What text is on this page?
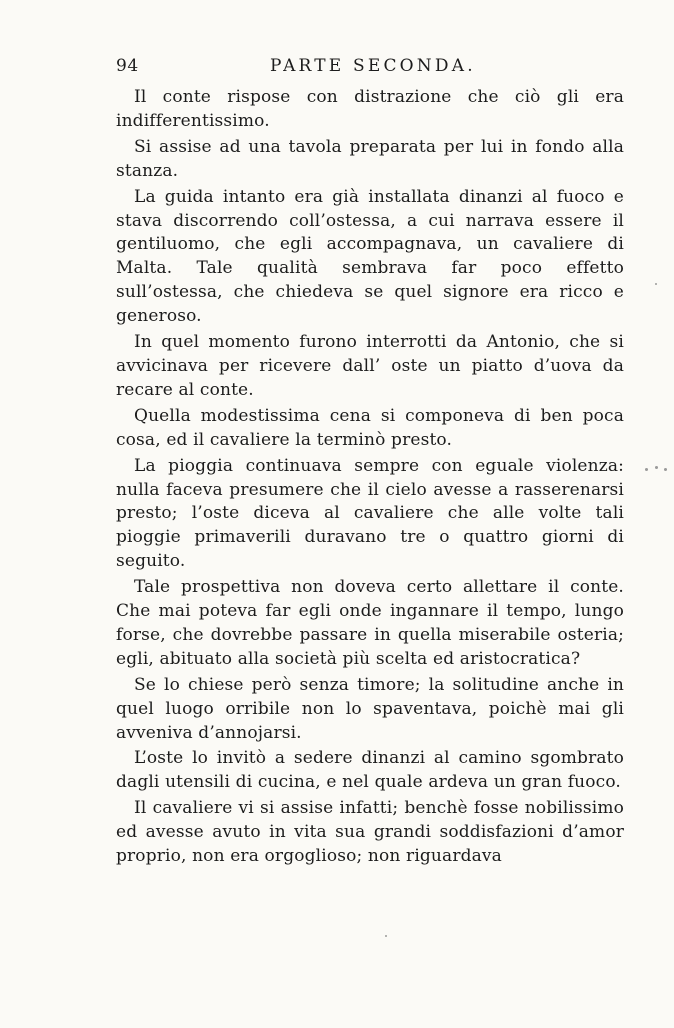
94	PARTE SECONDA.

Il conte rispose con distrazione che ciò gli era indifferentissimo.

Si assise ad una tavola preparata per lui in fondo alla stanza.

La guida intanto era già installata dinanzi al fuoco e stava discorrendo coll’ostessa, a cui narrava essere il gentiluomo, che egli accompagnava, un cavaliere di Malta. Tale qualità sembrava far poco effetto sull’ostessa, che chiedeva se quel signore era ricco e generoso.

In quel momento furono interrotti da Antonio, che si avvicinava per ricevere dall’ oste un piatto d’uova da recare al conte.

Quella modestissima cena si componeva di ben poca cosa, ed il cavaliere la terminò presto.

La pioggia continuava sempre con eguale violenza: nulla faceva presumere che il cielo avesse a rasserenarsi presto; l’oste diceva al cavaliere che alle volte tali pioggie primaverili duravano tre o quattro giorni di seguito.

Tale prospettiva non doveva certo allettare il conte. Che mai poteva far egli onde ingannare il tempo, lungo forse, che dovrebbe passare in quella miserabile osteria; egli, abituato alla società più scelta ed aristocratica?

Se lo chiese però senza timore; la solitudine anche in quel luogo orribile non lo spaventava, poichè mai gli avveniva d’annojarsi.

L’oste lo invitò a sedere dinanzi al camino sgombrato dagli utensili di cucina, e nel quale ardeva un gran fuoco.

Il cavaliere vi si assise infatti; benchè fosse nobilissimo ed avesse avuto in vita sua grandi soddisfazioni d’amor proprio, non era orgoglioso; non riguardava
